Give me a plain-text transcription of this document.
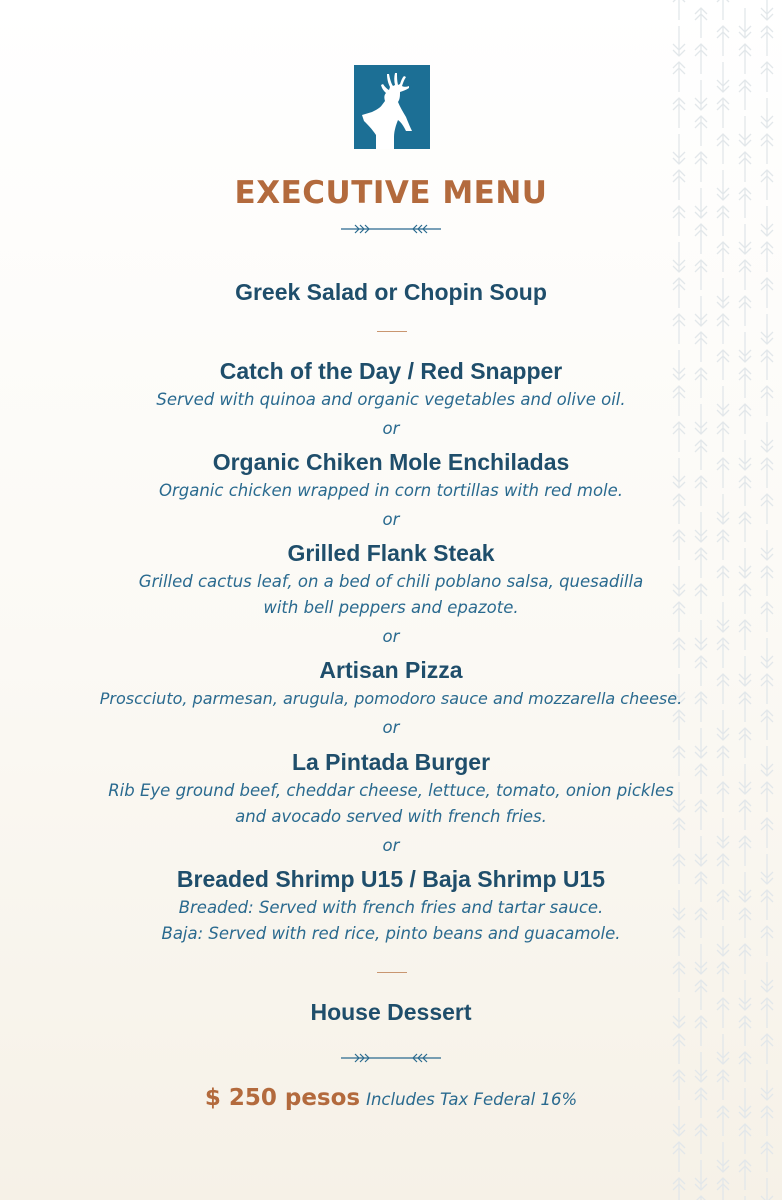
EXECUTIVE MENU
Greek Salad or Chopin Soup
Catch of the Day / Red Snapper
Served with quinoa and organic vegetables and olive oil.
or
Organic Chiken Mole Enchiladas
Organic chicken wrapped in corn tortillas with red mole.
or
Grilled Flank Steak
Grilled cactus leaf, on a bed of chili poblano salsa, quesadilla
with bell peppers and epazote.
or
Artisan Pizza
Proscciuto, parmesan, arugula, pomodoro sauce and mozzarella cheese.
or
La Pintada Burger
Rib Eye ground beef, cheddar cheese, lettuce, tomato, onion pickles
and avocado served with french fries.
or
Breaded Shrimp U15 / Baja Shrimp U15
Breaded: Served with french fries and tartar sauce.
Baja: Served with red rice, pinto beans and guacamole.
House Dessert
$ 250 pesos Includes Tax Federal 16%
